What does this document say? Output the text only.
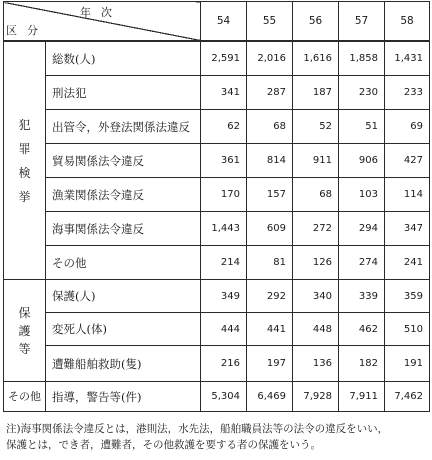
年次
区分
	54	55	56	57	58
犯
罪
検
挙	総数(人)	2,591	2,016	1,616	1,858	1,431
	刑法犯	341	287	187	230	233
	出管令，外登法関係法違反	62	68	52	51	69
	貿易関係法令違反	361	814	911	906	427
	漁業関係法令違反	170	157	68	103	114
	海事関係法令違反	1,443	609	272	294	347
	その他	214	81	126	274	241
保
護
等	保護(人)	349	292	340	339	359
	変死人(体)	444	441	448	462	510
	遭難船舶救助(隻)	216	197	136	182	191
その他	指導，警告等(件)	5,304	6,469	7,928	7,911	7,462
注)海事関係法令違反とは，港則法，水先法，船舶職員法等の法令の違反をいい，
保護とは，でき者，遭難者，その他救護を要する者の保護をいう。
